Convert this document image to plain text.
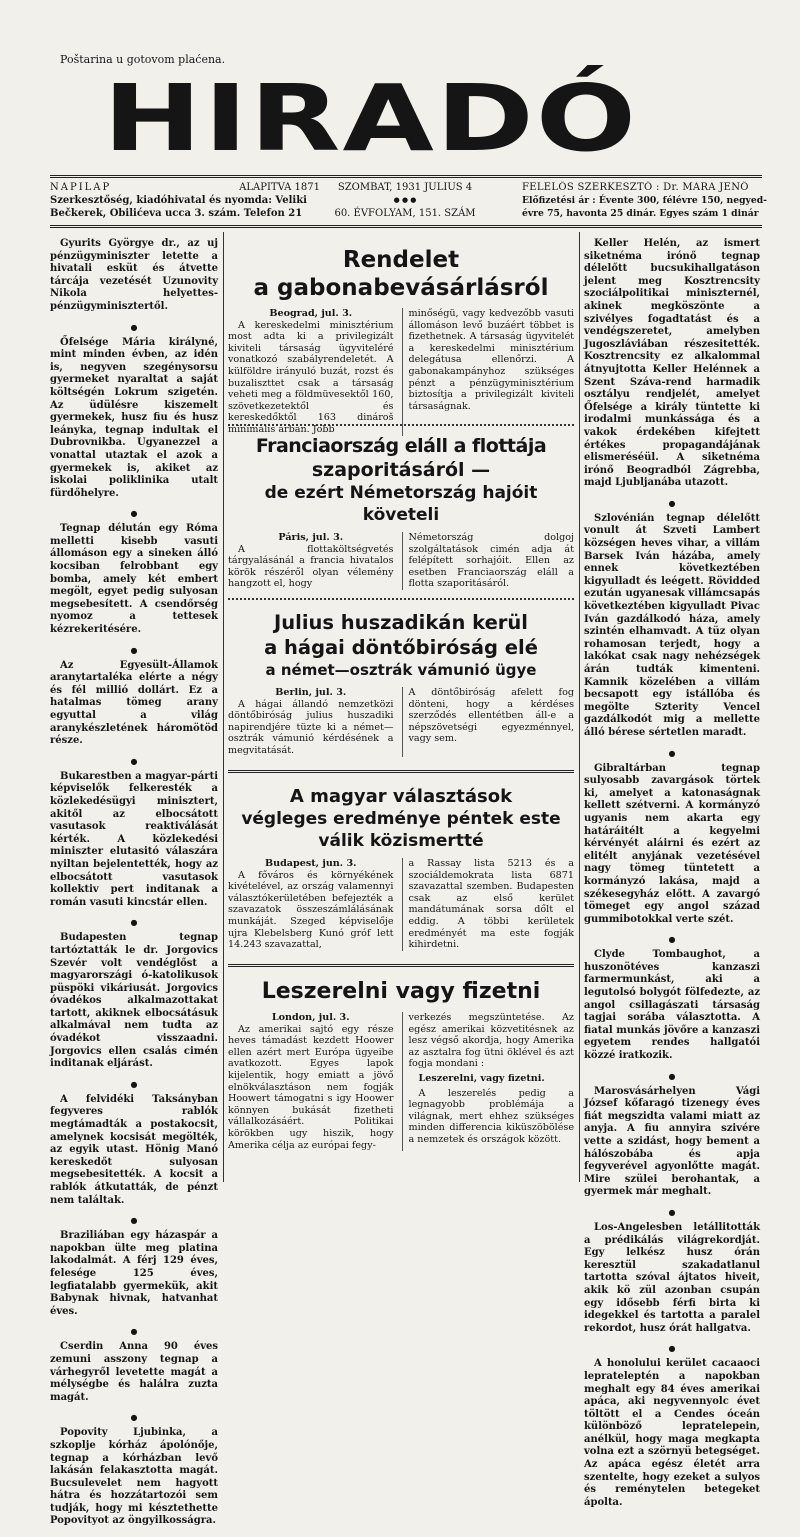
Poštarina u gotovom plaćena.
HIRADÓ
NAPILAP	ALAPITVA 1871
Szerkesztőség, kiadóhivatal és nyomda: Veliki
Bečkerek, Obilićeva ucca 3. szám. Telefon 21
SZOMBAT, 1931 JULIUS 4
● ● ●
60. ÉVFOLYAM, 151. SZÁM
FELELŐS SZERKESZTŐ : Dr. MARA JENŐ
Előfizetési ár : Évente 300, félévre 150, negyed-
évre 75, havonta 25 dinár. Egyes szám 1 dinár

Gyurits Györgye dr., az uj pénzügyminiszter letette a hivatali esküt és átvette tárcája vezetését Uzunovity Nikola helyettes-pénzügyminisztertől.

●

Őfelsége Mária királyné, mint minden évben, az idén is, negyven szegénysorsu gyermeket nyaraltat a saját költségén Lokrum szigetén. Az üdülésre kiszemelt gyermekek, husz fiu és husz leányka, tegnap indultak el Dubrovnikba. Ugyanezzel a vonattal utaztak el azok a gyermekek is, akiket az iskolai poliklinika utalt fürdőhelyre.

●

Tegnap délután egy Róma melletti kisebb vasuti állomáson egy a sineken álló kocsiban felrobbant egy bomba, amely két embert megölt, egyet pedig sulyosan megsebesített. A csendőrség nyomoz a tettesek kézrekeritésére.

●

Az Egyesült-Államok aranytartaléka elérte a négy és fél millió dollárt. Ez a hatalmas tömeg arany egyuttal a világ aranykészletének háromötöd része.

●

Bukarestben a magyar-párti képviselők felkeresték a közlekedésügyi minisztert, akitől az elbocsátott vasutasok reaktiválását kérték. A közlekedési miniszter elutasitó válaszára nyiltan bejelentették, hogy az elbocsátott vasutasok kollektiv pert inditanak a román vasuti kincstár ellen.

●

Budapesten tegnap tartóztatták le dr. Jorgovics Szevér volt vendéglőst a magyarországi ó-katolikusok püspöki vikáriusát. Jorgovics óvadékos alkalmazottakat tartott, akiknek elbocsátásuk alkalmával nem tudta az óvadékot visszaadni. Jorgovics ellen csalás cimén inditanak eljárást.

●

A felvidéki Taksányban fegyveres rablók megtámadták a postakocsit, amelynek kocsisát megölték, az egyik utast. Hönig Manó kereskedőt sulyosan megsebesitették. A kocsit a rablók átkutatták, de pénzt nem találtak.

●

Braziliában egy házaspár a napokban ülte meg platina lakodalmát. A férj 129 éves, felesége 125 éves, legfiatalabb gyermekük, akit Babynak hivnak, hatvanhat éves.

●

Cserdin Anna 90 éves zemuni asszony tegnap a várhegyről levetette magát a mélységbe és halálra zuzta magát.

●

Popovity Ljubinka, a szkoplje kórház ápolónője, tegnap a kórházban levő lakásán felakasztotta magát. Bucsulevelet nem hagyott hátra és hozzátartozói sem tudják, hogy mi késztethette Popovityot az öngyilkosságra.

Keller Helén, az ismert siketnéma irónő tegnap délelőtt bucsukihallgatáson jelent meg Kosztrencsity szociálpolitikai miniszternél, akinek megköszönte a szivélyes fogadtatást és a vendégszeretet, amelyben Jugoszláviában részesitették. Kosztrencsity ez alkalommal átnyujtotta Keller Helénnek a Szent Száva-rend harmadik osztályu rendjelét, amelyet Őfelsége a király tüntette ki irodalmi munkássága és a vakok érdekében kifejtett értékes propagandájának elismeréséül. A siketnéma irónő Beogradból Zágrebba, majd Ljubljanába utazott.

●

Szlovénián tegnap délelőtt vonult át Szveti Lambert községen heves vihar, a villám Barsek Iván házába, amely ennek következtében kigyulladt és leégett. Rövidded ezután ugyanesak villámcsapás következtében kigyulladt Pivac Iván gazdálkodó háza, amely szintén elhamvadt. A tüz olyan rohamosan terjedt, hogy a lakókat csak nagy nehézségek árán tudták kimenteni. Kamnik közelében a villám becsapott egy istállóba és megölte Szterity Vencel gazdálkodót mig a mellette álló bérese sértetlen maradt.

●

Gibraltárban tegnap sulyosabb zavargások törtek ki, amelyet a katonaságnak kellett szétverni. A kormányzó ugyanis nem akarta egy határáitélt a kegyelmi kérvényét aláirni és ezért az elitélt anyjának vezetésével nagy tömeg tüntetett a kormányzó lakása, majd a székesegyház előtt. A zavargó tömeget egy angol század gummibotokkal verte szét.

●

Clyde Tombaughot, a huszonötéves kanzaszi farmermunkást, aki a legutolsó bolygót fölfedezte, az angol csillagászati társaság tagjai sorába választotta. A fiatal munkás jövőre a kanzaszi egyetem rendes hallgatói közzé iratkozik.

●

Marosvásárhelyen Vági József kőfaragó tizenegy éves fiát megszidta valami miatt az anyja. A fiu annyira szivére vette a szidást, hogy bement a hálószobába és apja fegyverével agyonlőtte magát. Mire szülei berohantak, a gyermek már meghalt.

●

Los-Angelesben letállitották a prédikálás világrekordját. Egy lelkész husz órán keresztül szakadatlanul tartotta szóval ájtatos hiveit, akik kö zül azonban csupán egy idősebb férfi birta ki idegekkel és tartotta a paralel rekordot, husz órát hallgatva.

●

A honolului kerület cacaaoci leprateleptén a napokban meghalt egy 84 éves amerikai apáca, aki negyvennyolc évet töltött el a Cendes óceán különböző lepratelepein, anélkül, hogy maga megkapta volna ezt a szörnyü betegséget. Az apáca egész életét arra szentelte, hogy ezeket a sulyos és reménytelen betegeket ápolta.

Rendelet
a gabonabevásárlásról
Beograd, jul. 3.
A kereskedelmi minisztérium most adta ki a privilegizált kiviteli társaság ügyviteléré vonatkozó szabályrendeletét. A külföldre irányuló buzát, rozst és buzaliszttet csak a társaság veheti meg a földmüvesektől 160, szövetkezetektől és kereskedőktől 163 dinároš minimális árban. Jobb
minőségü, vagy kedvezőbb vasuti állomáson levő buzáért többet is fizethetnek. A társaság ügyvitelét a kereskedelmi minisztérium delegátusa ellenőrzi. A gabonakampányhoz szükséges pénzt a pénzügyminisztérium biztosítja a privilegizált kiviteli társaságnak.
Franciaország eláll a flottája
szaporitásáról —
de ezért Németország hajóit
követeli
Páris, jul. 3.
A flottaköltségvetés tárgyalásánál a francia hivatalos körök részéről olyan vélemény hangzott el, hogy
Németország dolgoj szolgáltatások cimén adja át felépített sorhajóit. Ellen az esetben Franciaország eláll a flotta szaporitásáról.
Julius huszadikán kerül
a hágai döntőbiróság elé
a német—osztrák vámunió ügye
Berlin, jul. 3.
A hágai állandó nemzetközi döntőbiróság julius huszadiki napirendjére tüzte ki a német—osztrák vámunió kérdésének a megvitatását.
A döntőbiróság afelett fog dönteni, hogy a kérdéses szerződés ellentétben áll-e a népszövetségi egyezménnyel, vagy sem.
A magyar választások
végleges eredménye péntek este
válik közismertté
Budapest, jun. 3.
A főváros és környékének kivételével, az ország valamennyi választókerületében befejezték a szavazatok összeszámlálásának munkáját. Szeged képviselője ujra Klebelsberg Kunó gróf lett 14.243 szavazattal,
a Rassay lista 5213 és a szociáldemokrata lista 6871 szavazattal szemben. Budapesten csak az első kerület mandátumának sorsa dőlt el eddig. A többi kerületek eredményét ma este fogják kihirdetni.
Leszerelni vagy fizetni
London, jul. 3.
Az amerikai sajtó egy része heves támadást kezdett Hoower ellen azért mert Európa ügyeibe avatkozott. Egyes lapok kijelentik, hogy emiatt a jövő elnökválasztáson nem fogják Hoowert támogatni s igy Hoower könnyen bukását fizetheti vállalkozásáért. Politikai körökben ugy hiszik, hogy Amerika célja az európai fegy-
verkezés megszüntetése. Az egész amerikai közvetitésnek az lesz végső akordja, hogy Amerika az asztalra fog ütni öklével és azt fogja mondani :
Leszerelni, vagy fizetni.
A leszerelés pedig a legnagyobb problémája a világnak, mert ehhez szükséges minden differencia kiküszöbölése a nemzetek és országok között.
